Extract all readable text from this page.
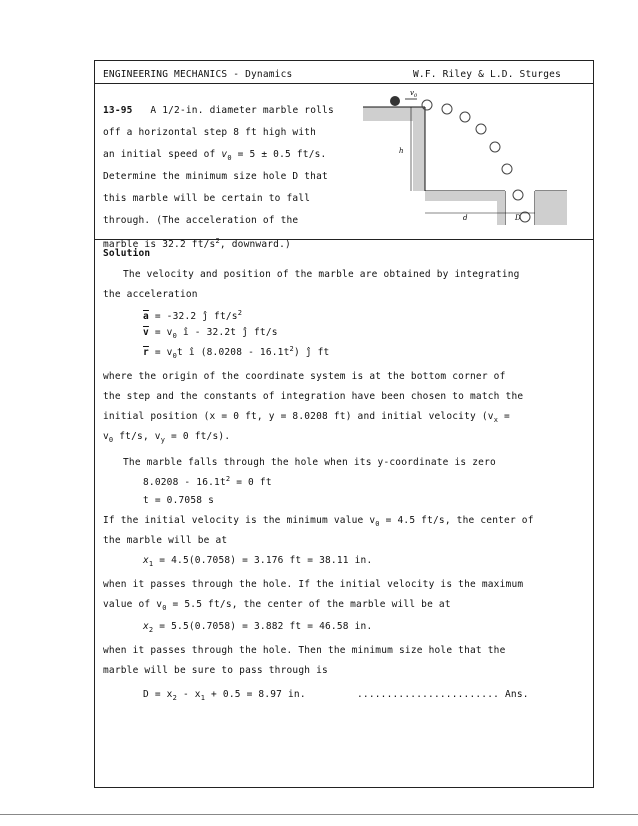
ENGINEERING MECHANICS - Dynamics	W.F. Riley & L.D. Sturges
13-95 A 1/2-in. diameter marble rolls
off a horizontal step 8 ft high with
an initial speed of $v_0 = 5 \pm 0.5$ ft/s.
Determine the minimum size hole D that
this marble will be certain to fall
through. (The acceleration of the
marble is 32.2 $ft/s^2$, downward.)
Solution
The velocity and position of the marble are obtained by integrating
the acceleration
$\overline{a} = -32.2$ ĵ $ft/s^2$
$\overline{v} = v_0$ î - 32.2t ĵ ft/s
$\overline{r} = v_0t$ î $(8.0208 - 16.1t^2)$ ĵ ft
where the origin of the coordinate system is at the bottom corner of
the step and the constants of integration have been chosen to match the
initial position (x = 0 ft, y = 8.0208 ft) and initial velocity ($v_x$ =
$v_0$ ft/s, $v_y = 0$ ft/s).
The marble falls through the hole when its y-coordinate is zero
$8.0208 - 16.1t^2 = 0$ ft
t = 0.7058 s
If the initial velocity is the minimum value $v_0 = 4.5$ ft/s, the center of
the marble will be at
$x_1 = 4.5(0.7058) = 3.176$ ft = 38.11 in.
when it passes through the hole. If the initial velocity is the maximum
value of $v_0 = 5.5$ ft/s, the center of the marble will be at
$x_2 = 5.5(0.7058) = 3.882$ ft = 46.58 in.
when it passes through the hole. Then the minimum size hole that the
marble will be sure to pass through is
$D = x_2 - x_1 + 0.5 = 8.97$ in.	........................ Ans.
$v_0$
h
d	D
